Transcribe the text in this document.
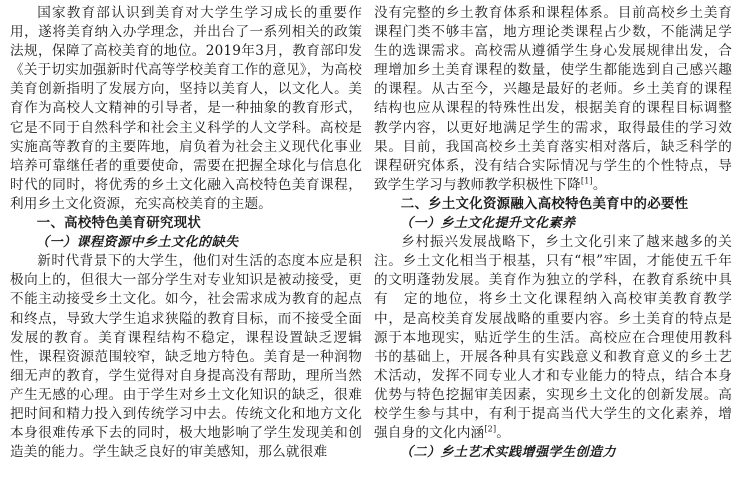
国家教育部认识到美育对大学生学习成长的重要作用，遂将美育纳入办学理念，并出台了一系列相关的政策法规，保障了高校美育的地位。2019年3月，教育部印发《关于切实加强新时代高等学校美育工作的意见》，为高校美育创新指明了发展方向，坚持以美育人，以文化人。美育作为高校人文精神的引导者，是一种抽象的教育形式，它是不同于自然科学和社会主义科学的人文学科。高校是实施高等教育的主要阵地，肩负着为社会主义现代化事业培养可靠继任者的重要使命，需要在把握全球化与信息化时代的同时，将优秀的乡土文化融入高校特色美育课程，利用乡土文化资源，充实高校美育的主题。

一、高校特色美育研究现状
（一）课程资源中乡土文化的缺失

新时代背景下的大学生，他们对生活的态度本应是积极向上的，但很大一部分学生对专业知识是被动接受，更不能主动接受乡土文化。如今，社会需求成为教育的起点和终点，导致大学生追求狭隘的教育目标，而不接受全面发展的教育。美育课程结构不稳定，课程设置缺乏逻辑性，课程资源范围较窄，缺乏地方特色。美育是一种润物细无声的教育，学生觉得对自身提高没有帮助，理所当然产生无感的心理。由于学生对乡土文化知识的缺乏，很难把时间和精力投入到传统学习中去。传统文化和地方文化本身很难传承下去的同时，极大地影响了学生发现美和创造美的能力。学生缺乏良好的审美感知，那么就很难

没有完整的乡土教育体系和课程体系。目前高校乡土美育课程门类不够丰富，地方理论类课程占少数，不能满足学生的选课需求。高校需从遵循学生身心发展规律出发，合理增加乡土美育课程的数量，使学生都能选到自己感兴趣的课程。从古至今，兴趣是最好的老师。乡土美育的课程结构也应从课程的特殊性出发，根据美育的课程目标调整教学内容，以更好地满足学生的需求，取得最佳的学习效果。目前，我国高校乡土美育落实相对落后，缺乏科学的课程研究体系，没有结合实际情况与学生的个性特点，导致学生学习与教师教学积极性下降[1]。

二、乡土文化资源融入高校特色美育中的必要性
（一）乡土文化提升文化素养

乡村振兴发展战略下，乡土文化引来了越来越多的关注。乡土文化相当于根基，只有“根”牢固，才能使五千年的文明蓬勃发展。美育作为独立的学科，在教育系统中具有　定的地位，将乡土文化课程纳入高校审美教育教学中，是高校美育发展战略的重要内容。乡土美育的特点是源于本地现实，贴近学生的生活。高校应在合理使用教科书的基础上，开展各种具有实践意义和教育意义的乡土艺术活动，发挥不同专业人才和专业能力的特点，结合本身优势与特色挖掘审美因素，实现乡土文化的创新发展。高校学生参与其中，有利于提高当代大学生的文化素养，增强自身的文化内涵[2]。

（二）乡土艺术实践增强学生创造力
